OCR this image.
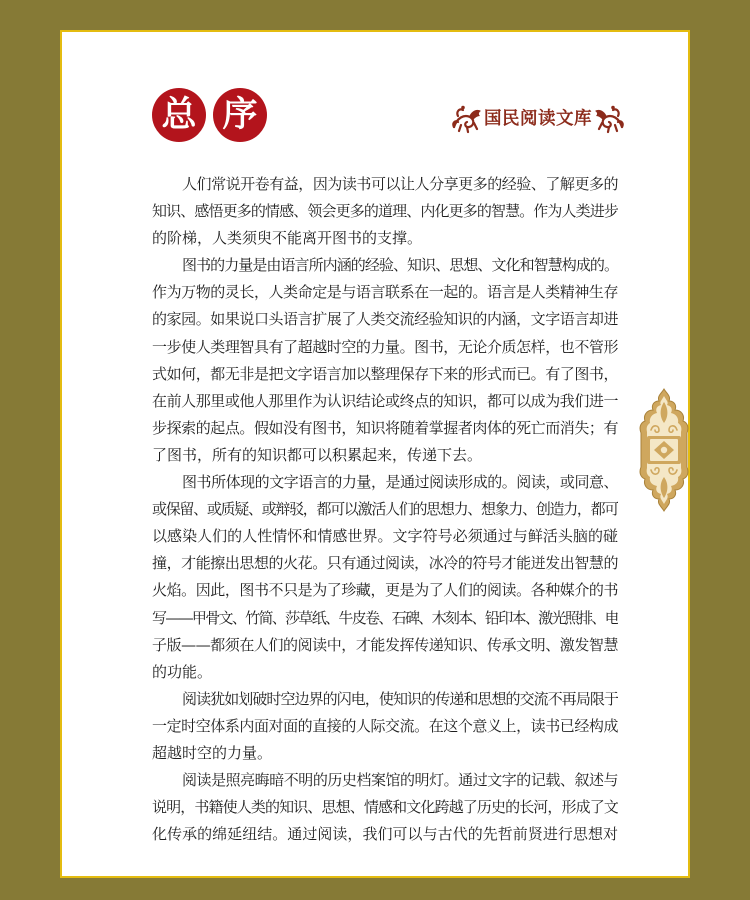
总 序	国民阅读文库
人们常说开卷有益，因为读书可以让人分享更多的经验、了解更多的
知识、感悟更多的情感、领会更多的道理、内化更多的智慧。作为人类进步
的阶梯，人类须臾不能离开图书的支撑。
图书的力量是由语言所内涵的经验、知识、思想、文化和智慧构成的。
作为万物的灵长，人类命定是与语言联系在一起的。语言是人类精神生存
的家园。如果说口头语言扩展了人类交流经验知识的内涵，文字语言却进
一步使人类理智具有了超越时空的力量。图书，无论介质怎样，也不管形
式如何，都无非是把文字语言加以整理保存下来的形式而已。有了图书，
在前人那里或他人那里作为认识结论或终点的知识，都可以成为我们进一
步探索的起点。假如没有图书，知识将随着掌握者肉体的死亡而消失；有
了图书，所有的知识都可以积累起来，传递下去。
图书所体现的文字语言的力量，是通过阅读形成的。阅读，或同意、
或保留、或质疑、或辩驳，都可以激活人们的思想力、想象力、创造力，都可
以感染人们的人性情怀和情感世界。文字符号必须通过与鲜活头脑的碰
撞，才能擦出思想的火花。只有通过阅读，冰冷的符号才能迸发出智慧的
火焰。因此，图书不只是为了珍藏，更是为了人们的阅读。各种媒介的书
写——甲骨文、竹简、莎草纸、牛皮卷、石碑、木刻本、铅印本、激光照排、电
子版——都须在人们的阅读中，才能发挥传递知识、传承文明、激发智慧
的功能。
阅读犹如划破时空边界的闪电，使知识的传递和思想的交流不再局限于
一定时空体系内面对面的直接的人际交流。在这个意义上，读书已经构成
超越时空的力量。
阅读是照亮晦暗不明的历史档案馆的明灯。通过文字的记载、叙述与
说明，书籍使人类的知识、思想、情感和文化跨越了历史的长河，形成了文
化传承的绵延纽结。通过阅读，我们可以与古代的先哲前贤进行思想对
